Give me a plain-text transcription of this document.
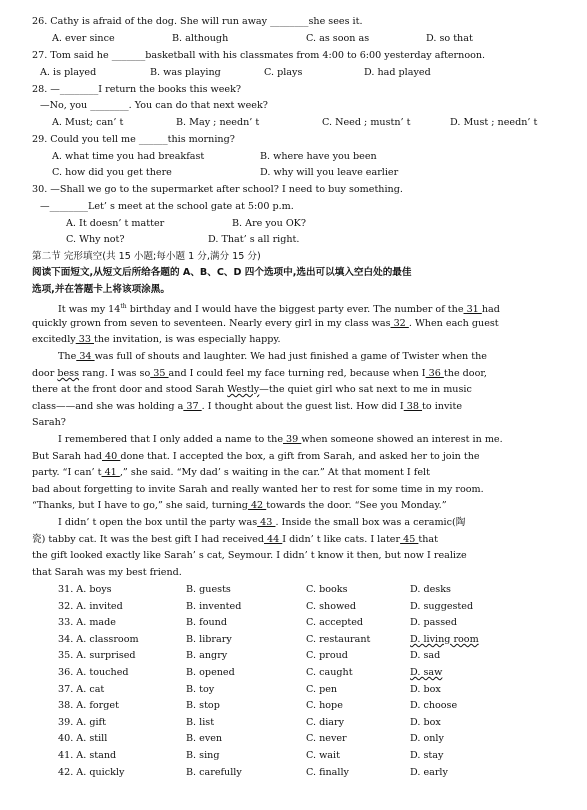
26. Cathy is afraid of the dog. She will run away ________she sees it.
A. ever since	B. although	C. as soon as	D. so that
27. Tom said he _______basketball with his classmates from 4:00 to 6:00 yesterday afternoon.
A. is played	B. was playing	C. plays	D. had played
28. —________I return the books this week?
—No, you ________. You can do that next week?
A. Must; can’ t	B. May ; needn’ t	C. Need ; mustn’ t	D. Must ; needn’ t
29. Could you tell me ______this morning?
A. what time you had breakfast	B. where have you been
C. how did you get there	D. why will you leave earlier
30. —Shall we go to the supermarket after school? I need to buy something.
—________Let’ s meet at the school gate at 5:00 p.m.
A. It doesn’ t matter	B. Are you OK?
C. Why not?	D. That’ s all right.
第二节 完形填空(共 15 小题;每小题 1 分,满分 15 分)
阅读下面短文,从短文后所给各题的 A、B、C、D 四个选项中,选出可以填入空白处的最佳
选项,并在答题卡上将该项涂黑。
It was my 14th birthday and I would have the biggest party ever. The number of the 31 had
quickly grown from seven to seventeen. Nearly every girl in my class was 32 . When each guest
excitedly 33 the invitation, is was especially happy.
The 34 was full of shouts and laughter. We had just finished a game of Twister when the
door bess rang. I was so 35 and I could feel my face turning red, because when I 36 the door,
there at the front door and stood Sarah Westly—the quiet girl who sat next to me in music
class——and she was holding a 37 . I thought about the guest list. How did I 38 to invite
Sarah?
I remembered that I only added a name to the 39 when someone showed an interest in me.
But Sarah had 40 done that. I accepted the box, a gift from Sarah, and asked her to join the
party. “I can’ t 41 ,” she said. “My dad’ s waiting in the car.” At that moment I felt
bad about forgetting to invite Sarah and really wanted her to rest for some time in my room.
“Thanks, but I have to go,” she said, turning 42 towards the door. “See you Monday.”
I didn’ t open the box until the party was 43 . Inside the small box was a ceramic(陶
瓷) tabby cat. It was the best gift I had received 44 I didn’ t like cats. I later 45 that
the gift looked exactly like Sarah’ s cat, Seymour. I didn’ t know it then, but now I realize
that Sarah was my best friend.
31. A. boys	B. guests	C. books	D. desks
32. A. invited	B. invented	C. showed	D. suggested
33. A. made	B. found	C. accepted	D. passed
34. A. classroom	B. library	C. restaurant	D. living room
35. A. surprised	B. angry	C. proud	D. sad
36. A. touched	B. opened	C. caught	D. saw
37. A. cat	B. toy	C. pen	D. box
38. A. forget	B. stop	C. hope	D. choose
39. A. gift	B. list	C. diary	D. box
40. A. still	B. even	C. never	D. only
41. A. stand	B. sing	C. wait	D. stay
42. A. quickly	B. carefully	C. finally	D. early
